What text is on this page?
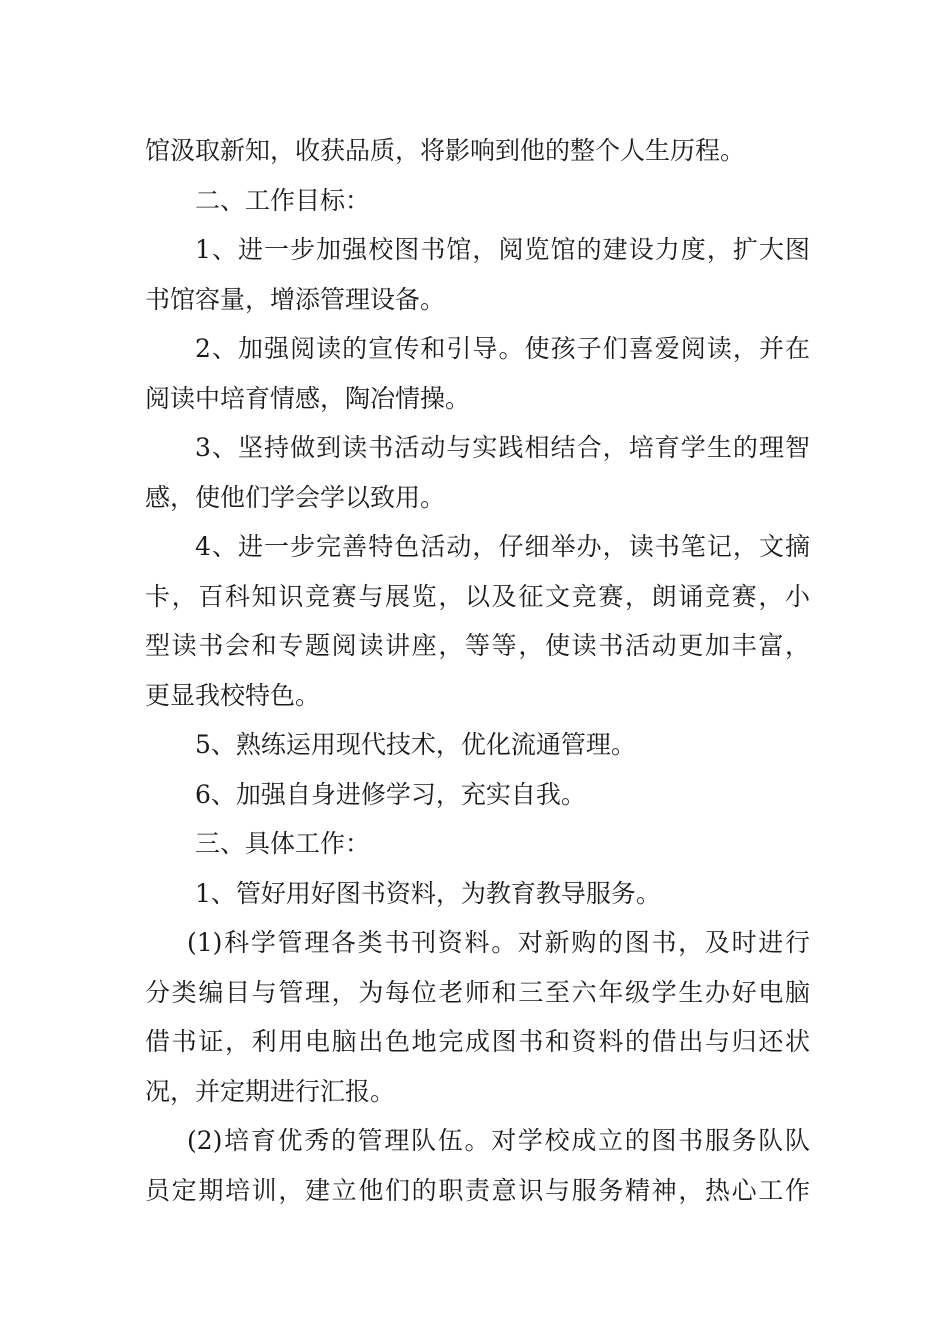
馆汲取新知，收获品质，将影响到他的整个人生历程。
二、工作目标：
1、进一步加强校图书馆，阅览馆的建设力度，扩大图
书馆容量，增添管理设备。
2、加强阅读的宣传和引导。使孩子们喜爱阅读，并在
阅读中培育情感，陶冶情操。
3、坚持做到读书活动与实践相结合，培育学生的理智
感，使他们学会学以致用。
4、进一步完善特色活动，仔细举办，读书笔记，文摘
卡，百科知识竞赛与展览，以及征文竞赛，朗诵竞赛，小
型读书会和专题阅读讲座，等等，使读书活动更加丰富，
更显我校特色。
5、熟练运用现代技术，优化流通管理。
6、加强自身进修学习，充实自我。
三、具体工作：
1、管好用好图书资料，为教育教导服务。
(1)科学管理各类书刊资料。对新购的图书，及时进行
分类编目与管理，为每位老师和三至六年级学生办好电脑
借书证，利用电脑出色地完成图书和资料的借出与归还状
况，并定期进行汇报。
(2)培育优秀的管理队伍。对学校成立的图书服务队队
员定期培训，建立他们的职责意识与服务精神，热心工作
